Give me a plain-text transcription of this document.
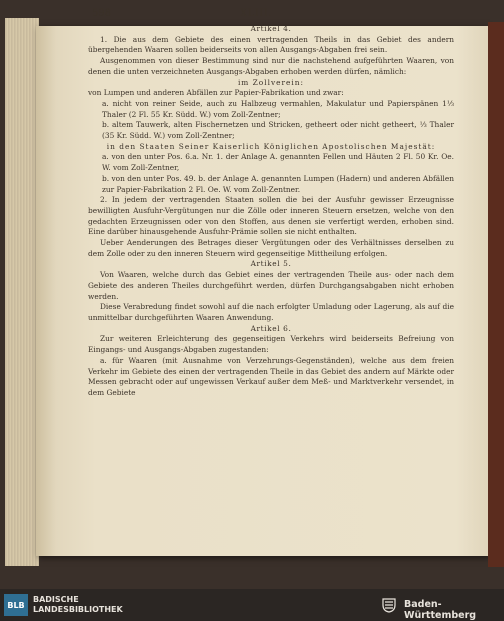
598	XLIII.

Artikel 4.

1. Die aus dem Gebiete des einen vertragenden Theils in das Gebiet des andern übergehenden Waaren sollen beiderseits von allen Ausgangs-Abgaben frei sein.

Ausgenommen von dieser Bestimmung sind nur die nachstehend aufgeführten Waaren, von denen die unten verzeichneten Ausgangs-Abgaben erhoben werden dürfen, nämlich:

im Zollverein:

von Lumpen und anderen Abfällen zur Papier-Fabrikation und zwar:

a. nicht von reiner Seide, auch zu Halbzeug vermahlen, Makulatur und Papierspänen 1⅓ Thaler (2 Fl. 55 Kr. Südd. W.) vom Zoll-Zentner;

b. altem Tauwerk, alten Fischernetzen und Stricken, getheert oder nicht getheert, ⅓ Thaler (35 Kr. Südd. W.) vom Zoll-Zentner;

in den Staaten Seiner Kaiserlich Königlichen Apostolischen Majestät:

a. von den unter Pos. 6.a. Nr. 1. der Anlage A. genannten Fellen und Häuten 2 Fl. 50 Kr. Oe. W. vom Zoll-Zentner,

b. von den unter Pos. 49. b. der Anlage A. genannten Lumpen (Hadern) und anderen Abfällen zur Papier-Fabrikation 2 Fl. Oe. W. vom Zoll-Zentner.

2. In jedem der vertragenden Staaten sollen die bei der Ausfuhr gewisser Erzeugnisse bewilligten Ausfuhr-Vergütungen nur die Zölle oder inneren Steuern ersetzen, welche von den gedachten Erzeugnissen oder von den Stoffen, aus denen sie verfertigt werden, erhoben sind. Eine darüber hinausgehende Ausfuhr-Prämie sollen sie nicht enthalten.

Ueber Aenderungen des Betrages dieser Vergütungen oder des Verhältnisses derselben zu dem Zolle oder zu den inneren Steuern wird gegenseitige Mittheilung erfolgen.

Artikel 5.

Von Waaren, welche durch das Gebiet eines der vertragenden Theile aus- oder nach dem Gebiete des anderen Theiles durchgeführt werden, dürfen Durchgangsabgaben nicht erhoben werden.

Diese Verabredung findet sowohl auf die nach erfolgter Umladung oder Lagerung, als auf die unmittelbar durchgeführten Waaren Anwendung.

Artikel 6.

Zur weiteren Erleichterung des gegenseitigen Verkehrs wird beiderseits Befreiung von Eingangs- und Ausgangs-Abgaben zugestanden:

a. für Waaren (mit Ausnahme von Verzehrungs-Gegenständen), welche aus dem freien Verkehr im Gebiete des einen der vertragenden Theile in das Gebiet des andern auf Märkte oder Messen gebracht oder auf ungewissen Verkauf außer dem Meß- und Marktverkehr versendet, in dem Gebiete

BLB
BADISCHE
LANDESBIBLIOTHEK	Baden-Württemberg
